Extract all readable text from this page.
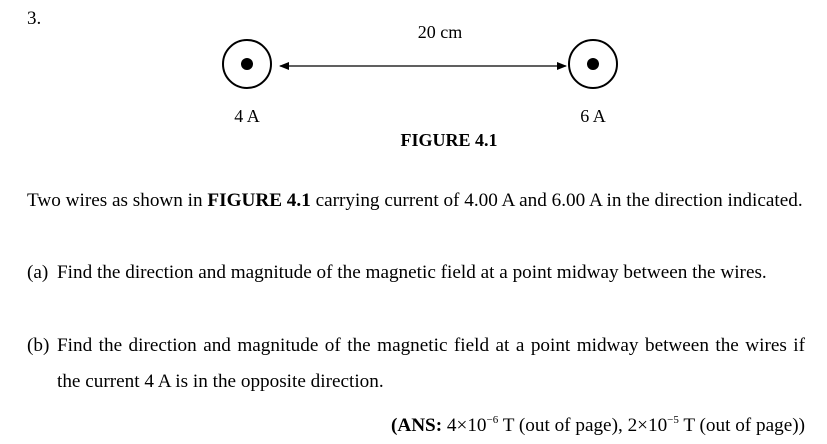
3.
20 cm
4 A	6 A
FIGURE 4.1
Two wires as shown in FIGURE 4.1 carrying current of 4.00 A and 6.00 A in the direction indicated.
(a) Find the direction and magnitude of the magnetic field at a point midway between the wires.
(b) Find the direction and magnitude of the magnetic field at a point midway between the wires if the current 4 A is in the opposite direction.
(ANS: $4\times 10^{-6}$ T (out of page), $2\times 10^{-5}$ T (out of page))
